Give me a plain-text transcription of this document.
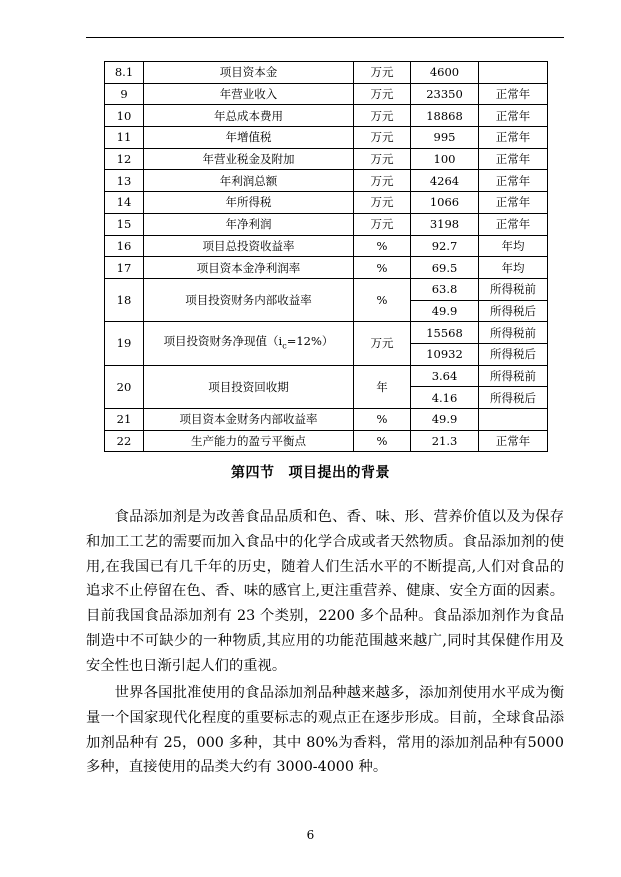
8.1	项目资本金	万元	4600	
9	年营业收入	万元	23350	正常年
10	年总成本费用	万元	18868	正常年
11	年增值税	万元	995	正常年
12	年营业税金及附加	万元	100	正常年
13	年利润总额	万元	4264	正常年
14	年所得税	万元	1066	正常年
15	年净利润	万元	3198	正常年
16	项目总投资收益率	%	92.7	年均
17	项目资本金净利润率	%	69.5	年均
18	项目投资财务内部收益率	%	63.8	所得税前
			49.9	所得税后
19	项目投资财务净现值$(i_c=12\%)$	万元	15568	所得税前
			10932	所得税后
20	项目投资回收期	年	3.64	所得税前
			4.16	所得税后
21	项目资本金财务内部收益率	%	49.9	
22	生产能力的盈亏平衡点	%	21.3	正常年
第四节 项目提出的背景

食品添加剂是为改善食品品质和色、香、味、形、营养价值以及为保存和加工工艺的需要而加入食品中的化学合成或者天然物质。食品添加剂的使用,在我国已有几千年的历史，随着人们生活水平的不断提高,人们对食品的追求不止停留在色、香、味的感官上,更注重营养、健康、安全方面的因素。目前我国食品添加剂有 23 个类别，2200 多个品种。食品添加剂作为食品制造中不可缺少的一种物质,其应用的功能范围越来越广,同时其保健作用及安全性也日渐引起人们的重视。

世界各国批准使用的食品添加剂品种越来越多，添加剂使用水平成为衡量一个国家现代化程度的重要标志的观点正在逐步形成。目前，全球食品添加剂品种有 25，000 多种，其中 80%为香料，常用的添加剂品种有5000 多种，直接使用的品类大约有 3000-4000 种。

6
